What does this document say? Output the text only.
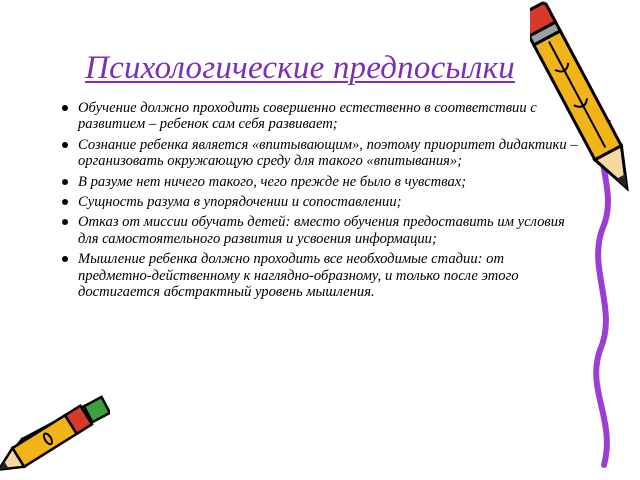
Психологические предпосылки
Обучение должно проходить совершенно естественно в соответствии с развитием – ребенок сам себя развивает;
Сознание ребенка является «впитывающим», поэтому приоритет дидактики – организовать окружающую среду для такого «впитывания»;
В разуме нет ничего такого, чего прежде не было в чувствах;
Сущность разума в упорядочении и сопоставлении;
Отказ от миссии обучать детей: вместо обучения предоставить им условия для самостоятельного развития и усвоения информации;
Мышление ребенка должно проходить все необходимые стадии: от предметно-действенному к наглядно-образному, и только после этого достигается абстрактный уровень мышления.
